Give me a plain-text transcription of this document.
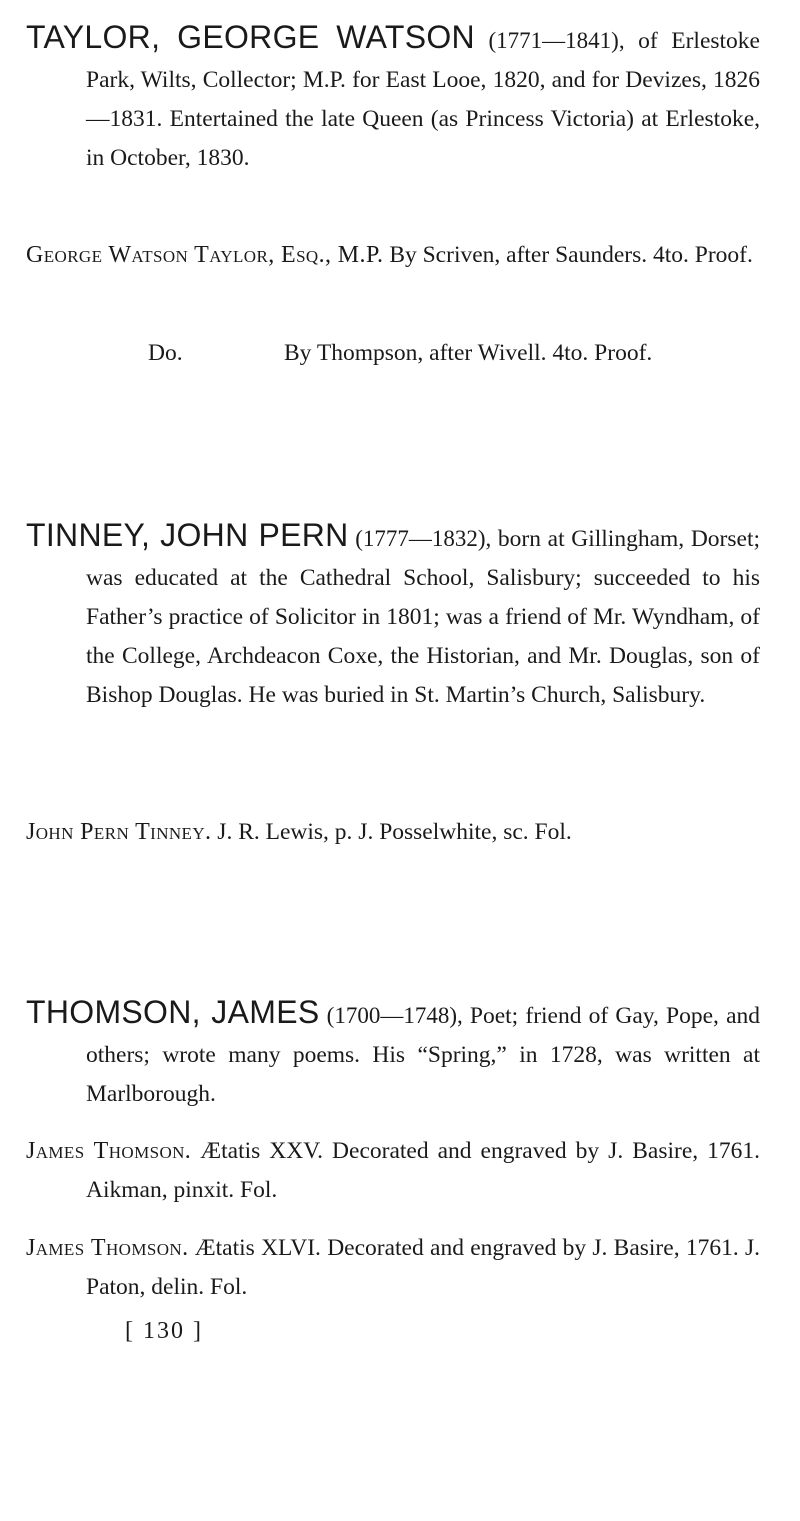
TAYLOR, GEORGE WATSON (1771—1841), of Erlestoke Park, Wilts, Collector; M.P. for East Looe, 1820, and for Devizes, 1826—1831. Entertained the late Queen (as Princess Victoria) at Erlestoke, in October, 1830.
George Watson Taylor, Esq., M.P. By Scriven, after Saunders. 4to. Proof.
Do.	By Thompson, after Wivell. 4to. Proof.
TINNEY, JOHN PERN (1777—1832), born at Gillingham, Dorset; was educated at the Cathedral School, Salisbury; succeeded to his Father’s practice of Solicitor in 1801; was a friend of Mr. Wyndham, of the College, Archdeacon Coxe, the Historian, and Mr. Douglas, son of Bishop Douglas. He was buried in St. Martin’s Church, Salisbury.
John Pern Tinney. J. R. Lewis, p. J. Posselwhite, sc. Fol.
THOMSON, JAMES (1700—1748), Poet; friend of Gay, Pope, and others; wrote many poems. His “Spring,” in 1728, was written at Marlborough.
James Thomson. Ætatis XXV. Decorated and engraved by J. Basire, 1761. Aikman, pinxit. Fol.
James Thomson. Ætatis XLVI. Decorated and engraved by J. Basire, 1761. J. Paton, delin. Fol.
[ 130 ]
